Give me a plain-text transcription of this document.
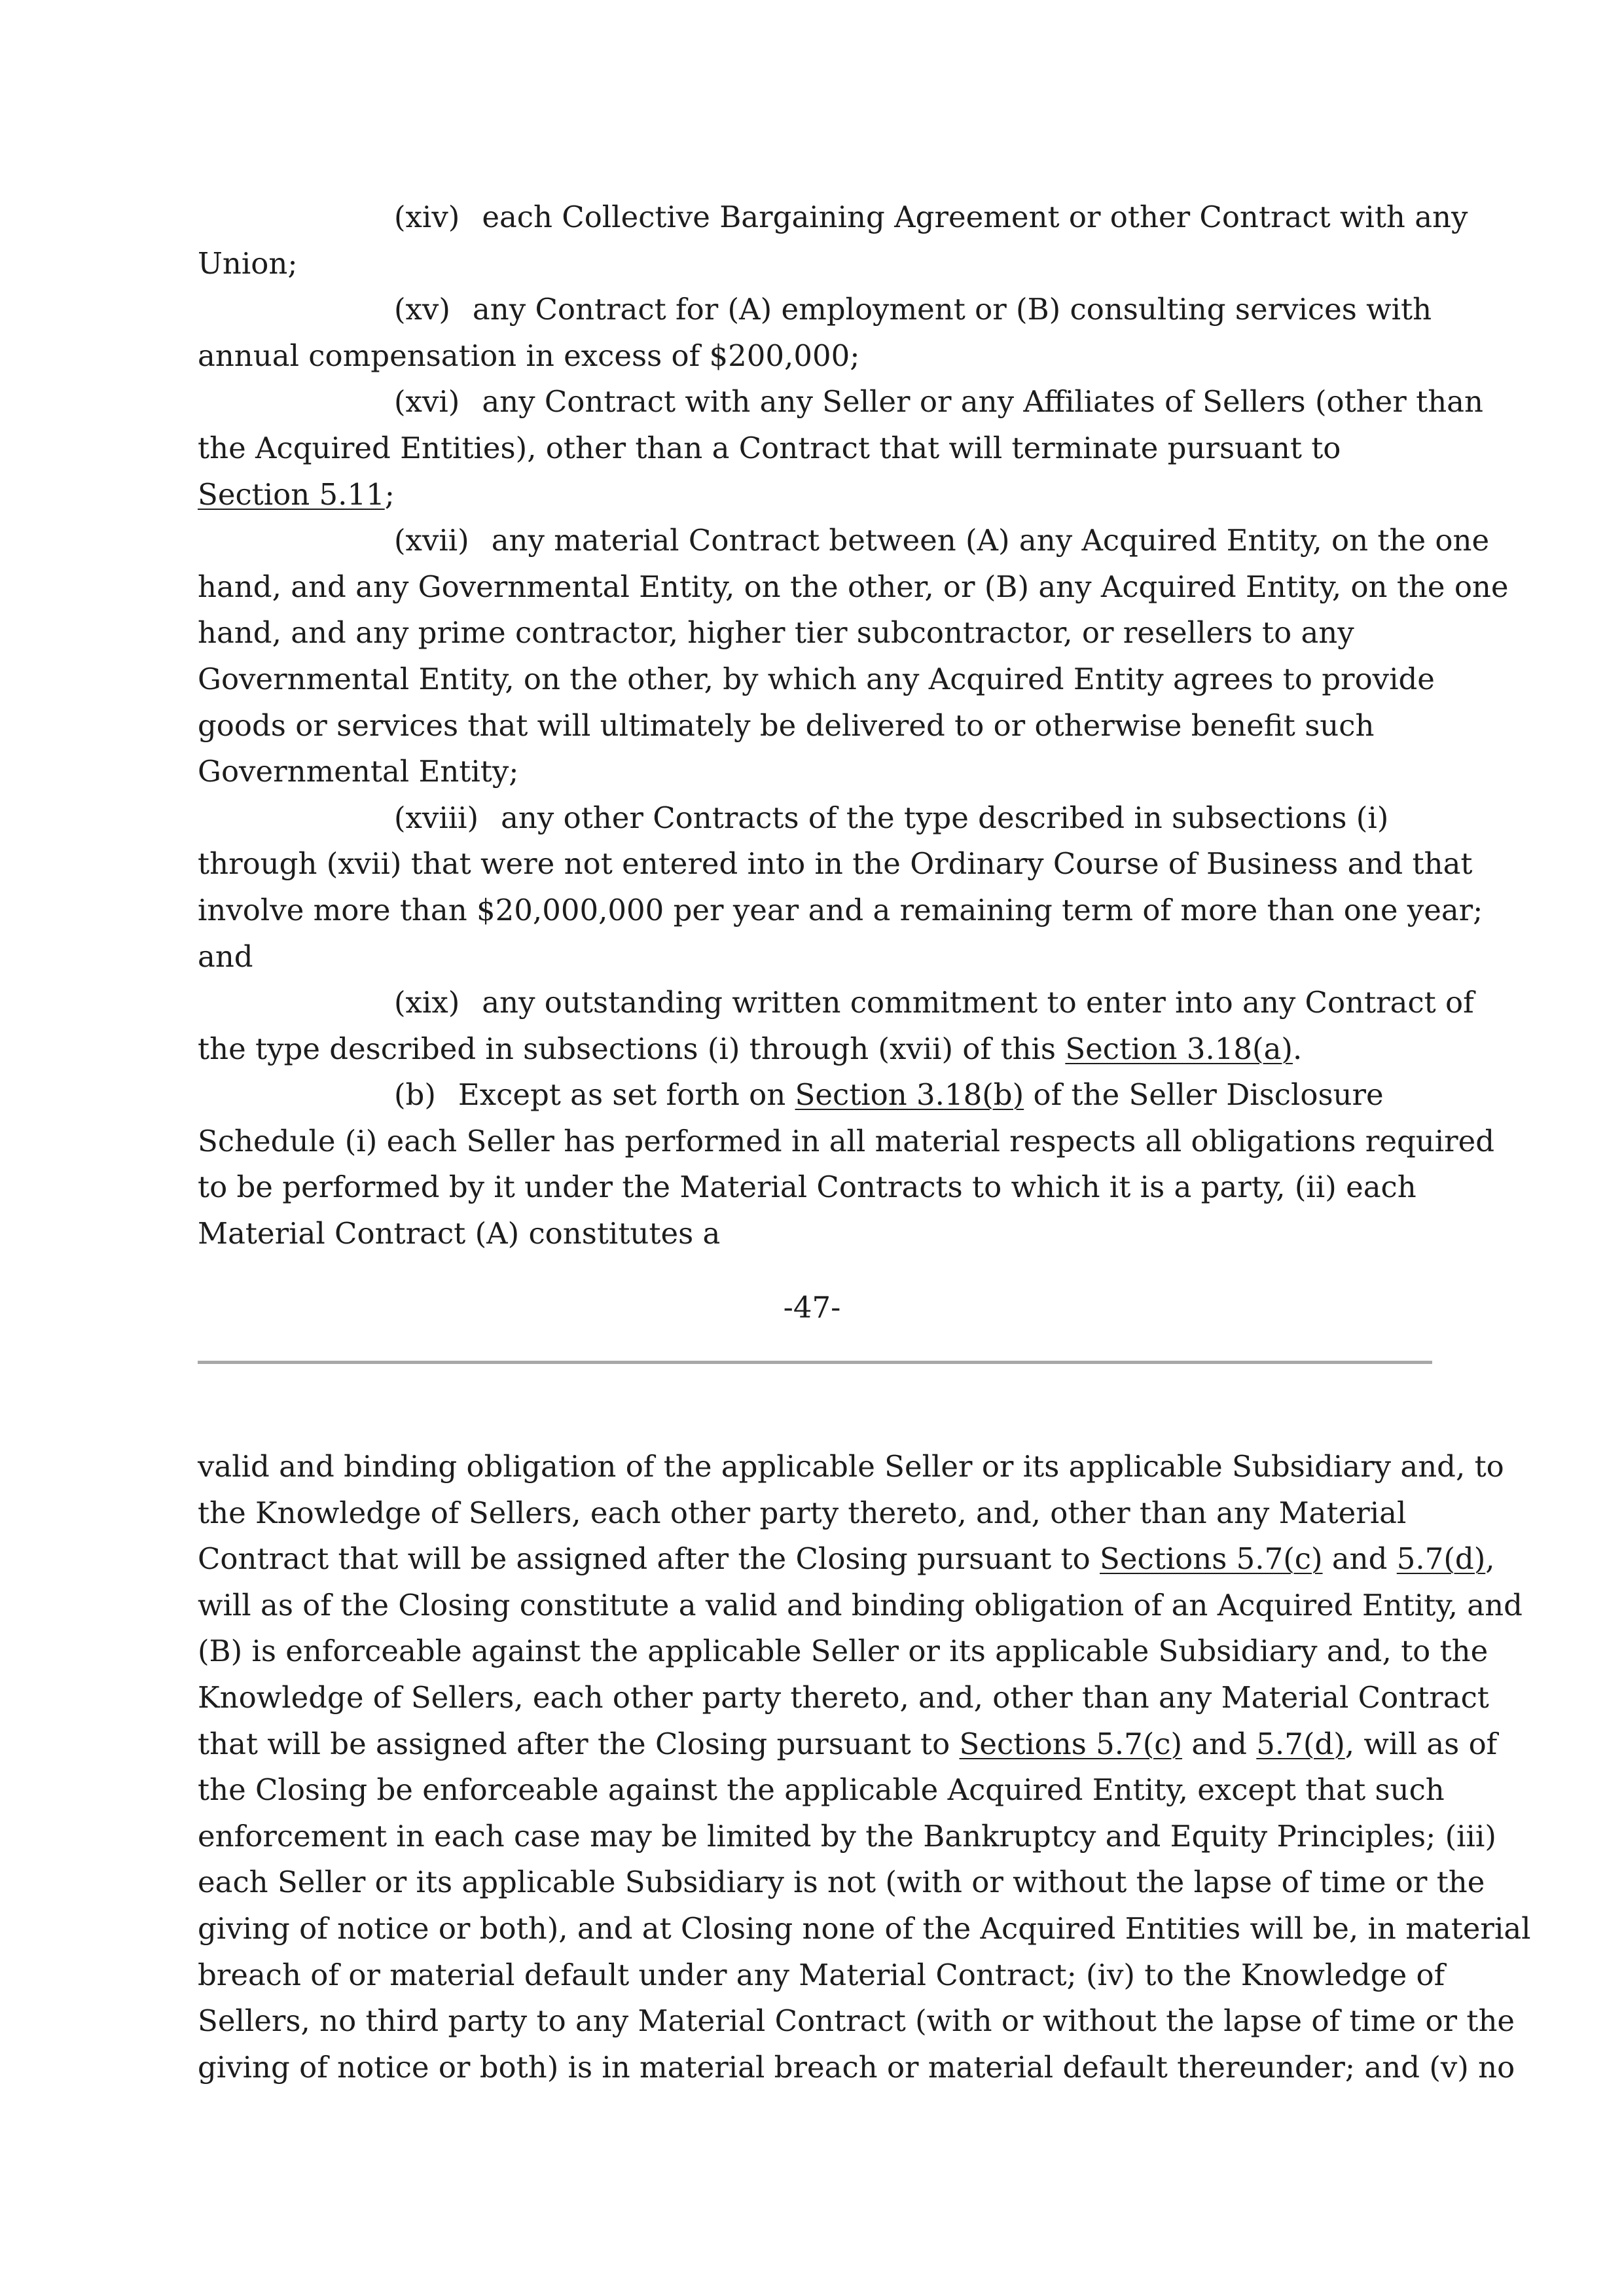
(xiv) each Collective Bargaining Agreement or other Contract with any
Union;
(xv) any Contract for (A) employment or (B) consulting services with
annual compensation in excess of $200,000;
(xvi) any Contract with any Seller or any Affiliates of Sellers (other than
the Acquired Entities), other than a Contract that will terminate pursuant to
Section 5.11;
(xvii) any material Contract between (A) any Acquired Entity, on the one
hand, and any Governmental Entity, on the other, or (B) any Acquired Entity, on the one
hand, and any prime contractor, higher tier subcontractor, or resellers to any
Governmental Entity, on the other, by which any Acquired Entity agrees to provide
goods or services that will ultimately be delivered to or otherwise benefit such
Governmental Entity;
(xviii) any other Contracts of the type described in subsections (i)
through (xvii) that were not entered into in the Ordinary Course of Business and that
involve more than $20,000,000 per year and a remaining term of more than one year;
and
(xix) any outstanding written commitment to enter into any Contract of
the type described in subsections (i) through (xvii) of this Section 3.18(a).
(b) Except as set forth on Section 3.18(b) of the Seller Disclosure
Schedule (i) each Seller has performed in all material respects all obligations required
to be performed by it under the Material Contracts to which it is a party, (ii) each
Material Contract (A) constitutes a
-47-
valid and binding obligation of the applicable Seller or its applicable Subsidiary and, to
the Knowledge of Sellers, each other party thereto, and, other than any Material
Contract that will be assigned after the Closing pursuant to Sections 5.7(c) and 5.7(d),
will as of the Closing constitute a valid and binding obligation of an Acquired Entity, and
(B) is enforceable against the applicable Seller or its applicable Subsidiary and, to the
Knowledge of Sellers, each other party thereto, and, other than any Material Contract
that will be assigned after the Closing pursuant to Sections 5.7(c) and 5.7(d), will as of
the Closing be enforceable against the applicable Acquired Entity, except that such
enforcement in each case may be limited by the Bankruptcy and Equity Principles; (iii)
each Seller or its applicable Subsidiary is not (with or without the lapse of time or the
giving of notice or both), and at Closing none of the Acquired Entities will be, in material
breach of or material default under any Material Contract; (iv) to the Knowledge of
Sellers, no third party to any Material Contract (with or without the lapse of time or the
giving of notice or both) is in material breach or material default thereunder; and (v) no
